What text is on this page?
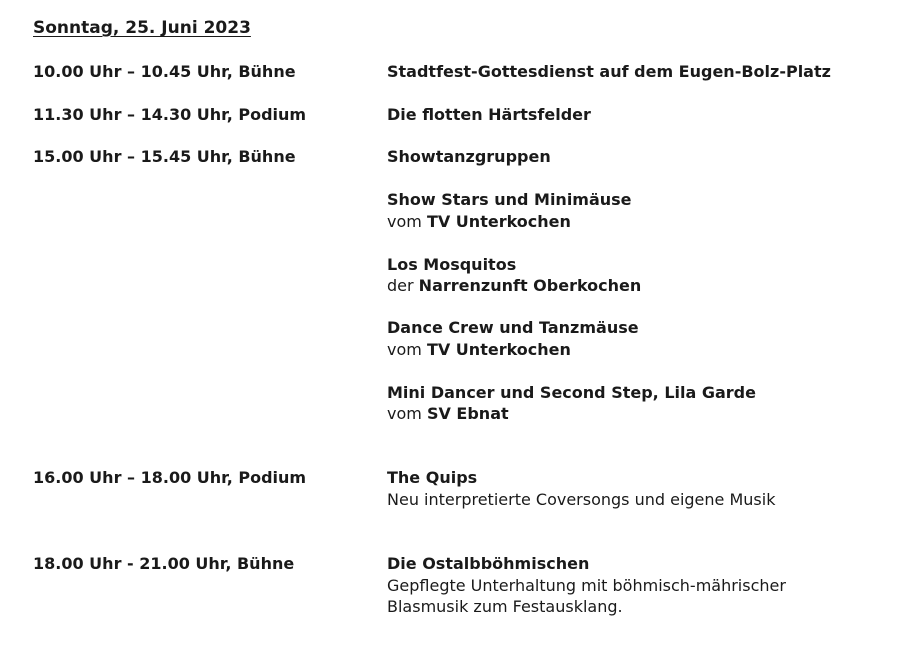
Sonntag, 25. Juni 2023
10.00 Uhr – 10.45 Uhr, Bühne	Stadtfest-Gottesdienst auf dem Eugen-Bolz-Platz
11.30 Uhr – 14.30 Uhr, Podium	Die flotten Härtsfelder
15.00 Uhr – 15.45 Uhr, Bühne	Showtanzgruppen
Show Stars und Minimäuse
vom TV Unterkochen
Los Mosquitos
der Narrenzunft Oberkochen
Dance Crew und Tanzmäuse
vom TV Unterkochen
Mini Dancer und Second Step, Lila Garde
vom SV Ebnat
16.00 Uhr – 18.00 Uhr, Podium	The Quips
Neu interpretierte Coversongs und eigene Musik
18.00 Uhr - 21.00 Uhr, Bühne	Die Ostalbböhmischen
Gepflegte Unterhaltung mit böhmisch-mährischer
Blasmusik zum Festausklang.
